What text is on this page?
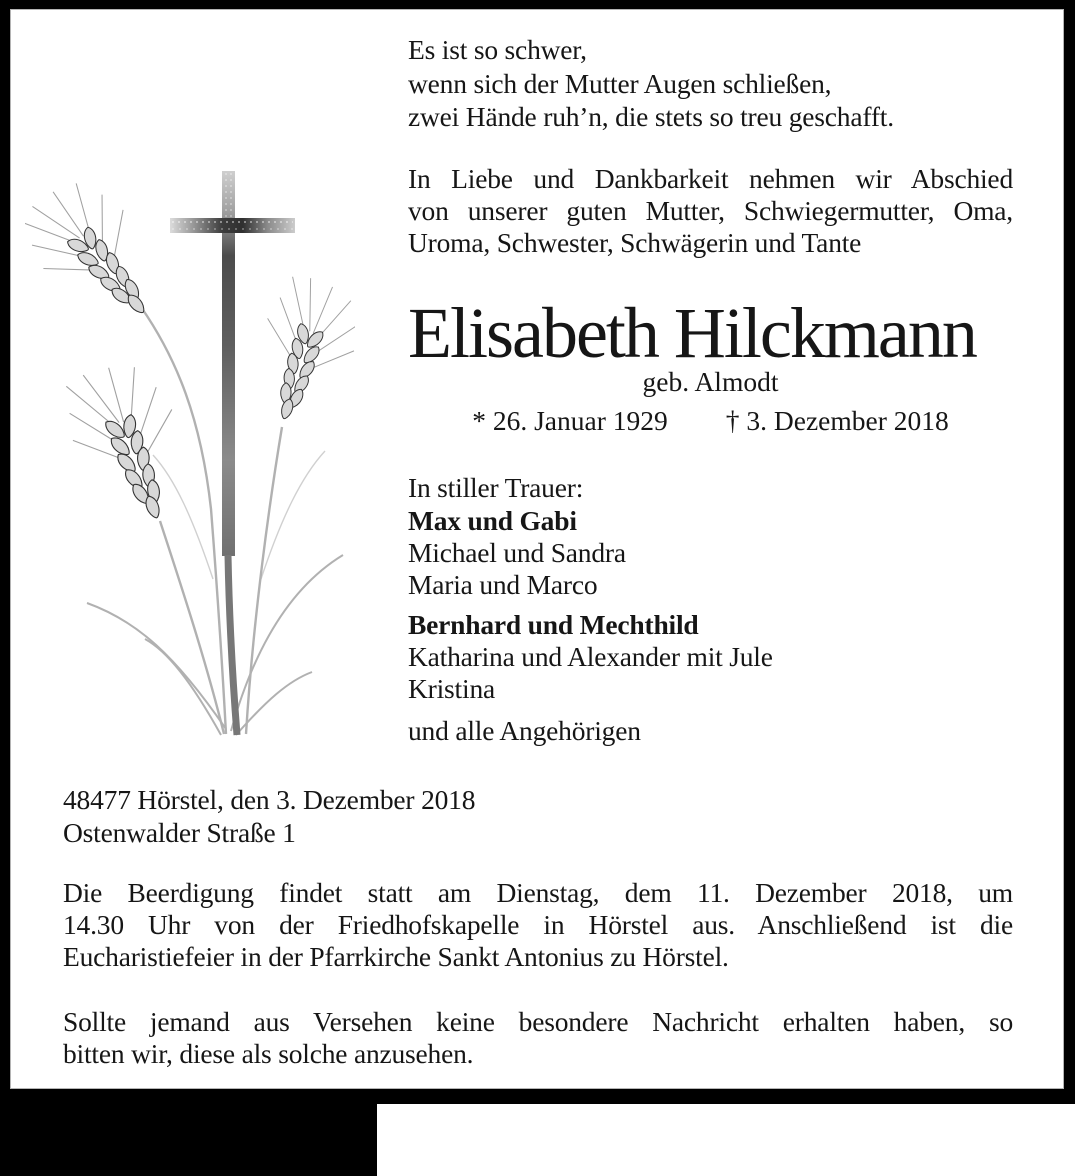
Es ist so schwer,
wenn sich der Mutter Augen schließen,
zwei Hände ruh’n, die stets so treu geschafft.
In Liebe und Dankbarkeit nehmen wir Abschied
von unserer guten Mutter, Schwiegermutter, Oma,
Uroma, Schwester, Schwägerin und Tante
Elisabeth Hilckmann
geb. Almodt
* 26. Januar 1929 † 3. Dezember 2018
In stiller Trauer:
Max und Gabi
Michael und Sandra
Maria und Marco
Bernhard und Mechthild
Katharina und Alexander mit Jule
Kristina
und alle Angehörigen
48477 Hörstel, den 3. Dezember 2018
Ostenwalder Straße 1
Die Beerdigung findet statt am Dienstag, dem 11. Dezember 2018, um
14.30 Uhr von der Friedhofskapelle in Hörstel aus. Anschließend ist die
Eucharistiefeier in der Pfarrkirche Sankt Antonius zu Hörstel.
Sollte jemand aus Versehen keine besondere Nachricht erhalten haben, so
bitten wir, diese als solche anzusehen.
